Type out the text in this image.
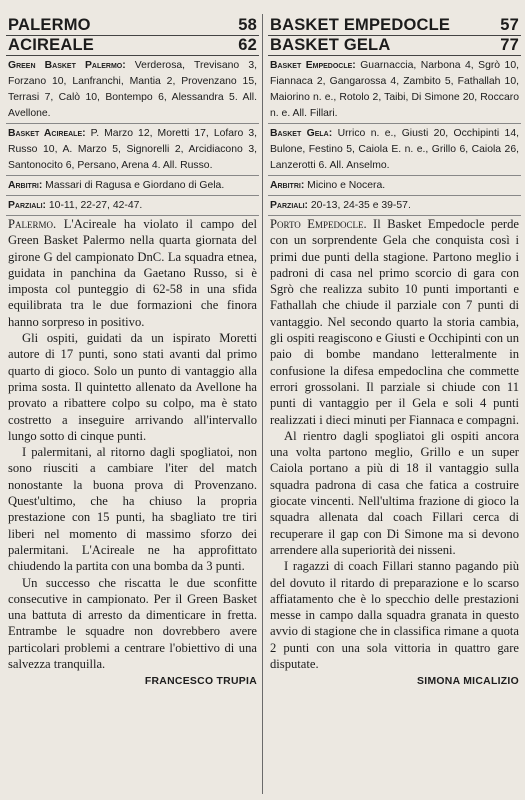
PALERMO	58
ACIREALE	62
Green Basket Palermo: Verderosa, Trevisano 3, Forzano 10, Lanfranchi, Mantia 2, Provenzano 15, Terrasi 7, Calò 10, Bontempo 6, Alessandra 5. All. Avellone.
Basket Acireale: P. Marzo 12, Moretti 17, Lofaro 3, Russo 10, A. Marzo 5, Signorelli 2, Arcidiacono 3, Santonocito 6, Persano, Arena 4. All. Russo.
Arbitri: Massari di Ragusa e Giordano di Gela.
Parziali: 10-11, 22-27, 42-47.

Palermo. L'Acireale ha violato il campo del Green Basket Palermo nella quarta giornata del girone G del campionato DnC. La squadra etnea, guidata in panchina da Gaetano Russo, si è imposta col punteggio di 62-58 in una sfida equilibrata tra le due formazioni che finora hanno sorpreso in positivo.

Gli ospiti, guidati da un ispirato Moretti autore di 17 punti, sono stati avanti dal primo quarto di gioco. Solo un punto di vantaggio alla prima sosta. Il quintetto allenato da Avellone ha provato a ribattere colpo su colpo, ma è stato costretto a inseguire arrivando all'intervallo lungo sotto di cinque punti.

I palermitani, al ritorno dagli spogliatoi, non sono riusciti a cambiare l'iter del match nonostante la buona prova di Provenzano. Quest'ultimo, che ha chiuso la propria prestazione con 15 punti, ha sbagliato tre tiri liberi nel momento di massimo sforzo dei palermitani. L'Acireale ne ha approfittato chiudendo la partita con una bomba da 3 punti.

Un successo che riscatta le due sconfitte consecutive in campionato. Per il Green Basket una battuta di arresto da dimenticare in fretta. Entrambe le squadre non dovrebbero avere particolari problemi a centrare l'obiettivo di una salvezza tranquilla.

FRANCESCO TRUPIA
BASKET EMPEDOCLE	57
BASKET GELA	77
Basket Empedocle: Guarnaccia, Narbona 4, Sgrò 10, Fiannaca 2, Gangarossa 4, Zambito 5, Fathallah 10, Maiorino n. e., Rotolo 2, Taibi, Di Simone 20, Roccaro n. e. All. Fillari.
Basket Gela: Urrico n. e., Giusti 20, Occhipinti 14, Bulone, Festino 5, Caiola E. n. e., Grillo 6, Caiola 26, Lanzerotti 6. All. Anselmo.
Arbitri: Micino e Nocera.
Parziali: 20-13, 24-35 e 39-57.

Porto Empedocle. Il Basket Empedocle perde con un sorprendente Gela che conquista così i primi due punti della stagione. Partono meglio i padroni di casa nel primo scorcio di gara con Sgrò che realizza subito 10 punti importanti e Fathallah che chiude il parziale con 7 punti di vantaggio. Nel secondo quarto la storia cambia, gli ospiti reagiscono e Giusti e Occhipinti con un paio di bombe mandano letteralmente in confusione la difesa empedoclina che commette errori grossolani. Il parziale si chiude con 11 punti di vantaggio per il Gela e soli 4 punti realizzati i dieci minuti per Fiannaca e compagni.

Al rientro dagli spogliatoi gli ospiti ancora una volta partono meglio, Grillo e un super Caiola portano a più di 18 il vantaggio sulla squadra padrona di casa che fatica a costruire giocate vincenti. Nell'ultima frazione di gioco la squadra allenata dal coach Fillari cerca di recuperare il gap con Di Simone ma si devono arrendere alla superiorità dei nisseni.

I ragazzi di coach Fillari stanno pagando più del dovuto il ritardo di preparazione e lo scarso affiatamento che è lo specchio delle prestazioni messe in campo dalla squadra granata in questo avvio di stagione che in classifica rimane a quota 2 punti con una sola vittoria in quattro gare disputate.

SIMONA MICALIZIO
